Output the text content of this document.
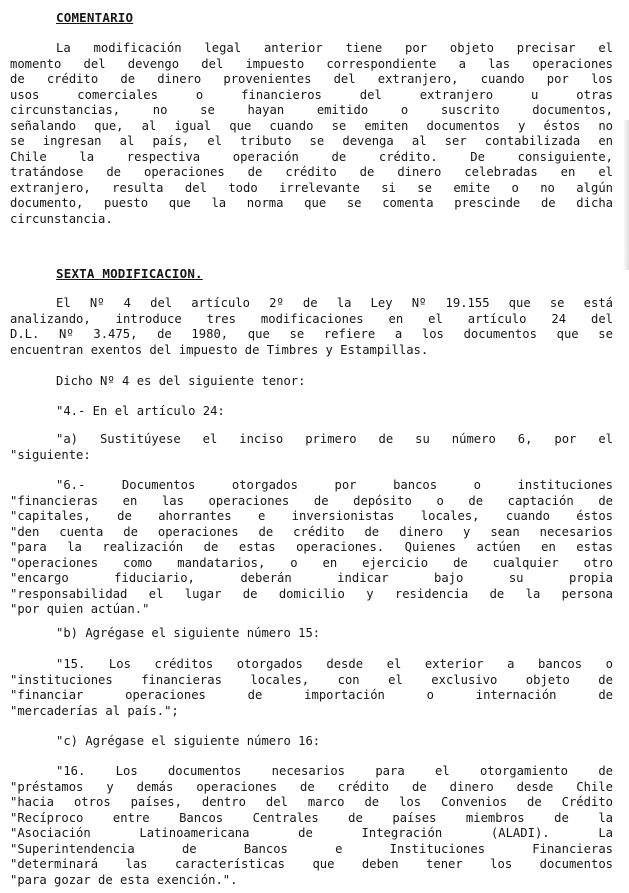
COMENTARIO
La modificación legal anterior tiene por objeto precisar el
momento del devengo del impuesto correspondiente a las operaciones
de crédito de dinero provenientes del extranjero, cuando por los
usos comerciales o financieros del extranjero u otras
circunstancias, no se hayan emitido o suscrito documentos,
señalando que, al igual que cuando se emiten documentos y éstos no
se ingresan al país, el tributo se devenga al ser contabilizada en
Chile la respectiva operación de crédito. De consiguiente,
tratándose de operaciones de crédito de dinero celebradas en el
extranjero, resulta del todo irrelevante si se emite o no algún
documento, puesto que la norma que se comenta prescinde de dicha
circunstancia.
SEXTA MODIFICACION.
El Nº 4 del artículo 2º de la Ley Nº 19.155 que se está
analizando, introduce tres modificaciones en el artículo 24 del
D.L. Nº 3.475, de 1980, que se refiere a los documentos que se
encuentran exentos del impuesto de Timbres y Estampillas.
Dicho Nº 4 es del siguiente tenor:
"4.- En el artículo 24:
"a) Sustitúyese el inciso primero de su número 6, por el
"siguiente:
"6.- Documentos otorgados por bancos o instituciones
"financieras en las operaciones de depósito o de captación de
"capitales, de ahorrantes e inversionistas locales, cuando éstos
"den cuenta de operaciones de crédito de dinero y sean necesarios
"para la realización de estas operaciones. Quienes actúen en estas
"operaciones como mandatarios, o en ejercicio de cualquier otro
"encargo fiduciario, deberán indicar bajo su propia
"responsabilidad el lugar de domicilio y residencia de la persona
"por quien actúan."
"b) Agrégase el siguiente número 15:
"15. Los créditos otorgados desde el exterior a bancos o
"instituciones financieras locales, con el exclusivo objeto de
"financiar operaciones de importación o internación de
"mercaderías al país.";
"c) Agrégase el siguiente número 16:
"16. Los documentos necesarios para el otorgamiento de
"préstamos y demás operaciones de crédito de dinero desde Chile
"hacia otros países, dentro del marco de los Convenios de Crédito
"Recíproco entre Bancos Centrales de países miembros de la
"Asociación Latinoamericana de Integración (ALADI). La
"Superintendencia de Bancos e Instituciones Financieras
"determinará las características que deben tener los documentos
"para gozar de esta exención.".
